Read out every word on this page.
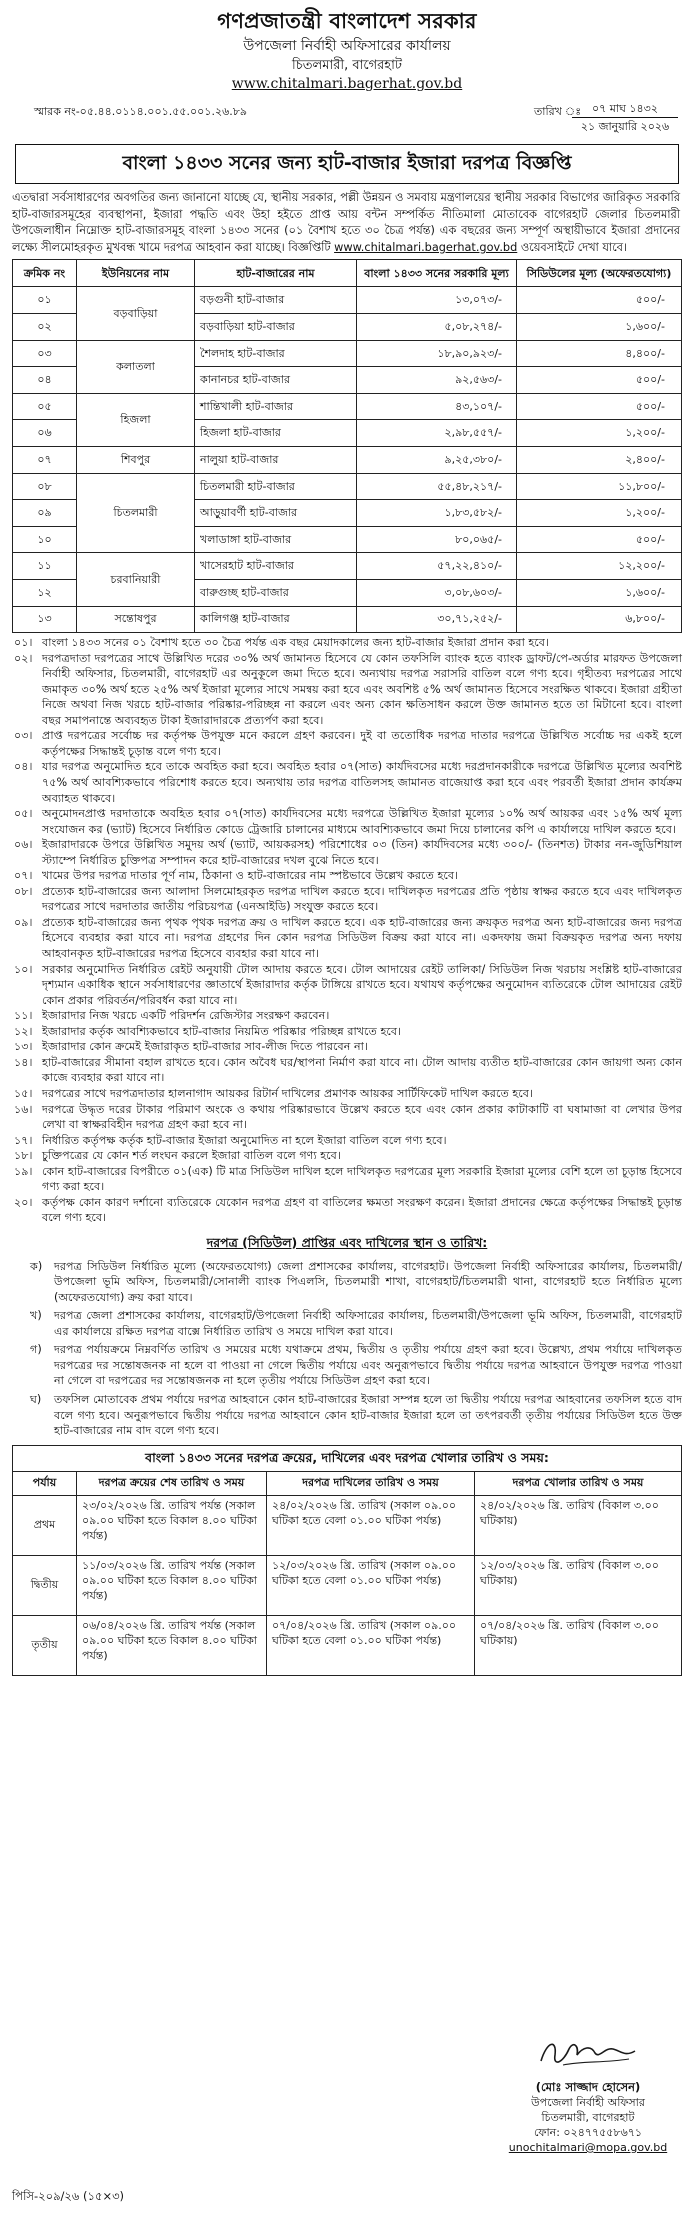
গণপ্রজাতন্ত্রী বাংলাদেশ সরকার
উপজেলা নির্বাহী অফিসারের কার্যালয়
চিতলমারী, বাগেরহাট
www.chitalmari.bagerhat.gov.bd
স্মারক নং-০৫.৪৪.০১১৪.০০১.৫৫.০০১.২৬.৮৯	তারিখ ঃ ০৭ মাঘ ১৪৩২
২১ জানুয়ারি ২০২৬
বাংলা ১৪৩৩ সনের জন্য হাট-বাজার ইজারা দরপত্র বিজ্ঞপ্তি

এতদ্বারা সর্বসাধারণের অবগতির জন্য জানানো যাচ্ছে যে, স্থানীয় সরকার, পল্লী উন্নয়ন ও সমবায় মন্ত্রণালয়ের স্থানীয় সরকার বিভাগের জারিকৃত সরকারি হাট-বাজারসমূহের ব্যবস্থাপনা, ইজারা পদ্ধতি এবং উহা হইতে প্রাপ্ত আয় বন্টন সম্পর্কিত নীতিমালা মোতাবেক বাগেরহাট জেলার চিতলমারী উপজেলাধীন নিম্নোক্ত হাট-বাজারসমূহ বাংলা ১৪৩৩ সনের (০১ বৈশাখ হতে ৩০ চৈত্র পর্যন্ত) এক বছরের জন্য সম্পূর্ণ অস্থায়ীভাবে ইজারা প্রদানের লক্ষ্যে সীলমোহরকৃত মুখবন্ধ খামে দরপত্র আহবান করা যাচ্ছে। বিজ্ঞপ্তিটি www.chitalmari.bagerhat.gov.bd ওয়েবসাইটে দেখা যাবে।

ক্রমিক নং	ইউনিয়নের নাম	হাট-বাজারের নাম	বাংলা ১৪৩৩ সনের সরকারি মূল্য	সিডিউলের মূল্য (অফেরতযোগ্য)
০১	বড়বাড়িয়া	বড়গুনী হাট-বাজার	১৩,০৭৩/-	৫০০/-
০২		বড়বাড়িয়া হাট-বাজার	৫,০৮,২৭৪/-	১,৬০০/-
০৩	কলাতলা	শৈলদাহ হাট-বাজার	১৮,৯০,৯২৩/-	৪,৪০০/-
০৪		কানানচর হাট-বাজার	৯২,৫৬৩/-	৫০০/-
০৫	হিজলা	শান্তিখালী হাট-বাজার	৪৩,১০৭/-	৫০০/-
০৬		হিজলা হাট-বাজার	২,৯৮,৫৫৭/-	১,২০০/-
০৭	শিবপুর	নালুয়া হাট-বাজার	৯,২৫,৩৮০/-	২,৪০০/-
০৮	চিতলমারী	চিতলমারী হাট-বাজার	৫৫,৪৮,২১৭/-	১১,৮০০/-
০৯		আড়ুয়াবর্ণী হাট-বাজার	১,৮৩,৫৮২/-	১,২০০/-
১০		খলাডাঙ্গা হাট-বাজার	৮০,০৬৫/-	৫০০/-
১১	চরবানিয়ারী	খাসেরহাট হাট-বাজার	৫৭,২২,৪১০/-	১২,২০০/-
১২		বারুগুচ্ছ হাট-বাজার	৩,০৮,৬০৩/-	১,৬০০/-
১৩	সন্তোষপুর	কালিগঞ্জ হাট-বাজার	৩০,৭১,২৫২/-	৬,৮০০/-
০১। বাংলা ১৪৩৩ সনের ০১ বৈশাখ হতে ৩০ চৈত্র পর্যন্ত এক বছর মেয়াদকালের জন্য হাট-বাজার ইজারা প্রদান করা হবে।
০২। দরপত্রদাতা দরপত্রের সাথে উল্লিখিত দরের ৩০% অর্থ জামানত হিসেবে যে কোন তফসিলি ব্যাংক হতে ব্যাংক ড্রাফট/পে-অর্ডার মারফত উপজেলা নির্বাহী অফিসার, চিতলমারী, বাগেরহাট এর অনুকূলে জমা দিতে হবে। অন্যথায় দরপত্র সরাসরি বাতিল বলে গণ্য হবে। গৃহীতব্য দরপত্রের সাথে জমাকৃত ৩০% অর্থ হতে ২৫% অর্থ ইজারা মূল্যের সাথে সমন্বয় করা হবে এবং অবশিষ্ট ৫% অর্থ জামানত হিসেবে সংরক্ষিত থাকবে। ইজারা গ্রহীতা নিজে অথবা নিজ খরচে হাট-বাজার পরিষ্কার-পরিচ্ছন্ন না করলে এবং অন্য কোন ক্ষতিসাধন করলে উক্ত জামানত হতে তা মিটানো হবে। বাংলা বছর সমাপনান্তে অব্যবহৃত টাকা ইজারাদারকে প্রত্যর্পণ করা হবে।
০৩। প্রাপ্ত দরপত্রের সর্বোচ্চ দর কর্তৃপক্ষ উপযুক্ত মনে করলে গ্রহণ করবেন। দুই বা ততোধিক দরপত্র দাতার দরপত্রে উল্লিখিত সর্বোচ্চ দর একই হলে কর্তৃপক্ষের সিদ্ধান্তই চূড়ান্ত বলে গণ্য হবে।
০৪। যার দরপত্র অনুমোদিত হবে তাকে অবহিত করা হবে। অবহিত হবার ০৭(সাত) কার্যদিবসের মধ্যে দরপ্রদানকারীকে দরপত্রে উল্লিখিত মূল্যের অবশিষ্ট ৭৫% অর্থ আবশ্যিকভাবে পরিশোধ করতে হবে। অন্যথায় তার দরপত্র বাতিলসহ জামানত বাজেয়াপ্ত করা হবে এবং পরবর্তী ইজারা প্রদান কার্যক্রম অব্যাহত থাকবে।
০৫। অনুমোদনপ্রাপ্ত দরদাতাকে অবহিত হবার ০৭(সাত) কার্যদিবসের মধ্যে দরপত্রে উল্লিখিত ইজারা মূল্যের ১০% অর্থ আয়কর এবং ১৫% অর্থ মূল্য সংযোজন কর (ভ্যাট) হিসেবে নির্ধারিত কোডে ট্রেজারি চালানের মাধ্যমে আবশ্যিকভাবে জমা দিয়ে চালানের কপি এ কার্যালয়ে দাখিল করতে হবে।
০৬। ইজারাদারকে উপরে উল্লিখিত সমুদয় অর্থ (ভ্যাট, আয়করসহ) পরিশোধের ০৩ (তিন) কার্যদিবসের মধ্যে ৩০০/- (তিনশত) টাকার নন-জুডিশিয়াল স্ট্যাম্পে নির্ধারিত চুক্তিপত্র সম্পাদন করে হাট-বাজারের দখল বুঝে নিতে হবে।
০৭। খামের উপর দরপত্র দাতার পূর্ণ নাম, ঠিকানা ও হাট-বাজারের নাম স্পষ্টভাবে উল্লেখ করতে হবে।
০৮। প্রত্যেক হাট-বাজারের জন্য আলাদা সিলমোহরকৃত দরপত্র দাখিল করতে হবে। দাখিলকৃত দরপত্রের প্রতি পৃষ্ঠায় স্বাক্ষর করতে হবে এবং দাখিলকৃত দরপত্রের সাথে দরদাতার জাতীয় পরিচয়পত্র (এনআইডি) সংযুক্ত করতে হবে।
০৯। প্রত্যেক হাট-বাজারের জন্য পৃথক পৃথক দরপত্র ক্রয় ও দাখিল করতে হবে। এক হাট-বাজারের জন্য ক্রয়কৃত দরপত্র অন্য হাট-বাজারের জন্য দরপত্র হিসেবে ব্যবহার করা যাবে না। দরপত্র গ্রহণের দিন কোন দরপত্র সিডিউল বিক্রয় করা যাবে না। একদফায় জমা বিক্রয়কৃত দরপত্র অন্য দফায় আহবানকৃত হাট-বাজারের দরপত্র হিসেবে ব্যবহার করা যাবে না।
১০। সরকার অনুমোদিত নির্ধারিত রেইট অনুযায়ী টোল আদায় করতে হবে। টোল আদায়ের রেইট তালিকা/ সিডিউল নিজ খরচায় সংশ্লিষ্ট হাট-বাজারের দৃশ্যমান একাধিক স্থানে সর্বসাধারণের জ্ঞাতার্থে ইজারাদার কর্তৃক টাঙ্গিয়ে রাখতে হবে। যথাযথ কর্তৃপক্ষের অনুমোদন ব্যতিরেকে টোল আদায়ের রেইট কোন প্রকার পরিবর্তন/পরিবর্ধন করা যাবে না।
১১। ইজারাদার নিজ খরচে একটি পরিদর্শন রেজিস্টার সংরক্ষণ করবেন।
১২। ইজারাদার কর্তৃক আবশ্যিকভাবে হাট-বাজার নিয়মিত পরিষ্কার পরিচ্ছন্ন রাখতে হবে।
১৩। ইজারাদার কোন ক্রমেই ইজারাকৃত হাট-বাজার সাব-লীজ দিতে পারবেন না।
১৪। হাট-বাজারের সীমানা বহাল রাখতে হবে। কোন অবৈধ ঘর/স্থাপনা নির্মাণ করা যাবে না। টোল আদায় ব্যতীত হাট-বাজারের কোন জায়গা অন্য কোন কাজে ব্যবহার করা যাবে না।
১৫। দরপত্রের সাথে দরপত্রদাতার হালনাগাদ আয়কর রিটার্ন দাখিলের প্রমাণক আয়কর সার্টিফিকেট দাখিল করতে হবে।
১৬। দরপত্রে উদ্ধৃত দরের টাকার পরিমাণ অংকে ও কথায় পরিষ্কারভাবে উল্লেখ করতে হবে এবং কোন প্রকার কাটাকাটি বা ঘষামাজা বা লেখার উপর লেখা বা স্বাক্ষরবিহীন দরপত্র গ্রহণ করা হবে না।
১৭। নির্ধারিত কর্তৃপক্ষ কর্তৃক হাট-বাজার ইজারা অনুমোদিত না হলে ইজারা বাতিল বলে গণ্য হবে।
১৮। চুক্তিপত্রের যে কোন শর্ত লংঘন করলে ইজারা বাতিল বলে গণ্য হবে।
১৯। কোন হাট-বাজারের বিপরীতে ০১(এক) টি মাত্র সিডিউল দাখিল হলে দাখিলকৃত দরপত্রের মূল্য সরকারি ইজারা মূল্যের বেশি হলে তা চূড়ান্ত হিসেবে গণ্য করা হবে।
২০। কর্তৃপক্ষ কোন কারণ দর্শানো ব্যতিরেকে যেকোন দরপত্র গ্রহণ বা বাতিলের ক্ষমতা সংরক্ষণ করেন। ইজারা প্রদানের ক্ষেত্রে কর্তৃপক্ষের সিদ্ধান্তই চূড়ান্ত বলে গণ্য হবে।
দরপত্র (সিডিউল) প্রাপ্তির এবং দাখিলের স্থান ও তারিখ:
ক)	দরপত্র সিডিউল নির্ধারিত মূল্যে (অফেরতযোগ্য) জেলা প্রশাসকের কার্যালয়, বাগেরহাট। উপজেলা নির্বাহী অফিসারের কার্যালয়, চিতলমারী/উপজেলা ভূমি অফিস, চিতলমারী/সোনালী ব্যাংক পিএলসি, চিতলমারী শাখা, বাগেরহাট/চিতলমারী থানা, বাগেরহাট হতে নির্ধারিত মূল্যে (অফেরতযোগ্য) ক্রয় করা যাবে।
খ)	দরপত্র জেলা প্রশাসকের কার্যালয়, বাগেরহাট/উপজেলা নির্বাহী অফিসারের কার্যালয়, চিতলমারী/উপজেলা ভূমি অফিস, চিতলমারী, বাগেরহাট এর কার্যালয়ে রক্ষিত দরপত্র বাক্সে নির্ধারিত তারিখ ও সময়ে দাখিল করা যাবে।
গ)	দরপত্র পর্যায়ক্রমে নিম্নবর্ণিত তারিখ ও সময়ের মধ্যে যথাক্রমে প্রথম, দ্বিতীয় ও তৃতীয় পর্যায়ে গ্রহণ করা হবে। উল্লেখ্য, প্রথম পর্যায়ে দাখিলকৃত দরপত্রের দর সন্তোষজনক না হলে বা পাওয়া না গেলে দ্বিতীয় পর্যায়ে এবং অনুরূপভাবে দ্বিতীয় পর্যায়ে দরপত্র আহবানে উপযুক্ত দরপত্র পাওয়া না গেলে বা দরপত্রের দর সন্তোষজনক না হলে তৃতীয় পর্যায়ে সিডিউল গ্রহণ করা হবে।
ঘ)	তফসিল মোতাবেক প্রথম পর্যায়ে দরপত্র আহবানে কোন হাট-বাজারের ইজারা সম্পন্ন হলে তা দ্বিতীয় পর্যায়ে দরপত্র আহবানের তফসিল হতে বাদ বলে গণ্য হবে। অনুরূপভাবে দ্বিতীয় পর্যায়ে দরপত্র আহবানে কোন হাট-বাজার ইজারা হলে তা তৎপরবর্তী তৃতীয় পর্যায়ের সিডিউল হতে উক্ত হাট-বাজারের নাম বাদ বলে গণ্য হবে।
বাংলা ১৪৩৩ সনের দরপত্র ক্রয়ের, দাখিলের এবং দরপত্র খোলার তারিখ ও সময়:			
পর্যায়	দরপত্র ক্রয়ের শেষ তারিখ ও সময়	দরপত্র দাখিলের তারিখ ও সময়	দরপত্র খোলার তারিখ ও সময়
প্রথম	২৩/০২/২০২৬ খ্রি. তারিখ পর্যন্ত (সকাল ০৯.০০ ঘটিকা হতে বিকাল ৪.০০ ঘটিকা পর্যন্ত)	২৪/০২/২০২৬ খ্রি. তারিখ (সকাল ০৯.০০ ঘটিকা হতে বেলা ০১.০০ ঘটিকা পর্যন্ত)	২৪/০২/২০২৬ খ্রি. তারিখ (বিকাল ৩.০০ ঘটিকায়)
দ্বিতীয়	১১/০৩/২০২৬ খ্রি. তারিখ পর্যন্ত (সকাল ০৯.০০ ঘটিকা হতে বিকাল ৪.০০ ঘটিকা পর্যন্ত)	১২/০৩/২০২৬ খ্রি. তারিখ (সকাল ০৯.০০ ঘটিকা হতে বেলা ০১.০০ ঘটিকা পর্যন্ত)	১২/০৩/২০২৬ খ্রি. তারিখ (বিকাল ৩.০০ ঘটিকায়)
তৃতীয়	০৬/০৪/২০২৬ খ্রি. তারিখ পর্যন্ত (সকাল ০৯.০০ ঘটিকা হতে বিকাল ৪.০০ ঘটিকা পর্যন্ত)	০৭/০৪/২০২৬ খ্রি. তারিখ (সকাল ০৯.০০ ঘটিকা হতে বেলা ০১.০০ ঘটিকা পর্যন্ত)	০৭/০৪/২০২৬ খ্রি. তারিখ (বিকাল ৩.০০ ঘটিকায়)
(মোঃ সাজ্জাদ হোসেন)
উপজেলা নির্বাহী অফিসার
চিতলমারী, বাগেরহাট
ফোন: ০২৪৭৭৫৫৮৬৭১
unochitalmari@mopa.gov.bd
পিসি-২০৯/২৬ (১৫×৩)
